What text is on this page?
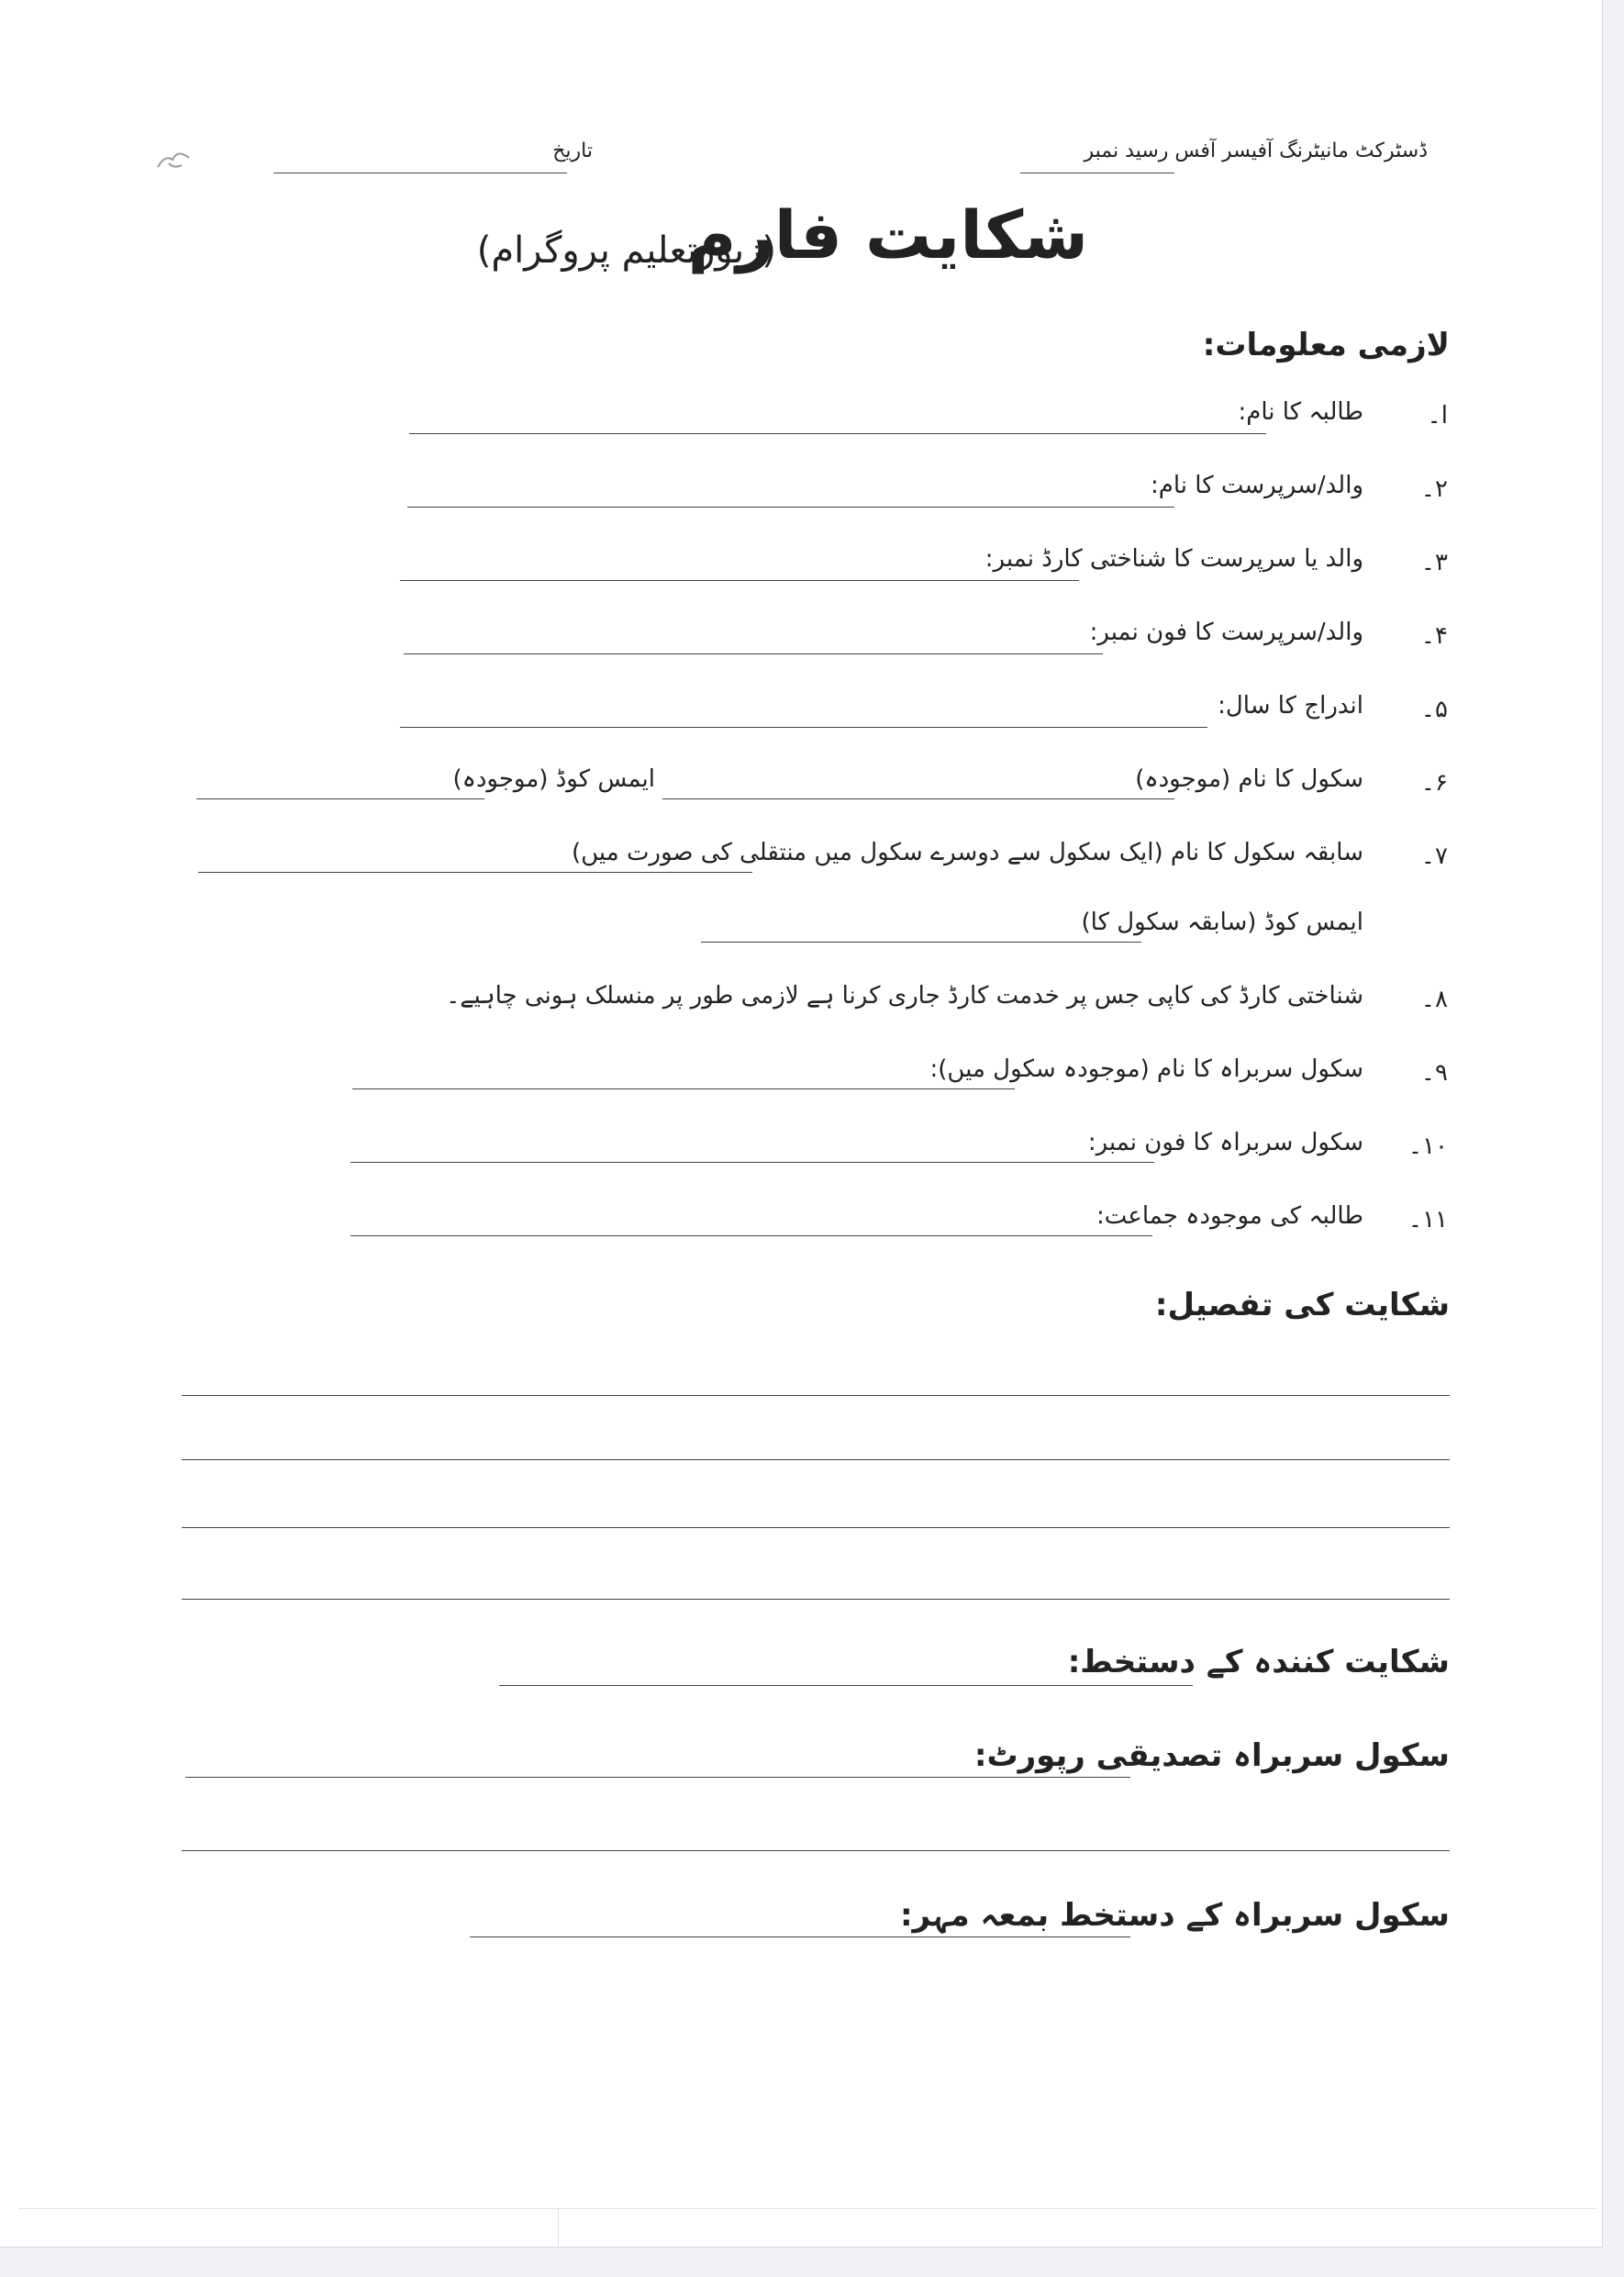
ڈسٹرکٹ مانیٹرنگ آفیسر آفس رسید نمبر
تاریخ
شکایت فارم
(زیورتعلیم پروگرام)
لازمی معلومات:
ا۔
طالبہ کا نام:
۲۔
والد/سرپرست کا نام:
۳۔
والد یا سرپرست کا شناختی کارڈ نمبر:
۴۔
والد/سرپرست کا فون نمبر:
۵۔
اندراج کا سال:
۶۔
سکول کا نام (موجودہ)
ایمس کوڈ (موجودہ)
۷۔
سابقہ سکول کا نام (ایک سکول سے دوسرے سکول میں منتقلی کی صورت میں)
ایمس کوڈ (سابقہ سکول کا)
۸۔
شناختی کارڈ کی کاپی جس پر خدمت کارڈ جاری کرنا ہے لازمی طور پر منسلک ہونی چاہیے۔
۹۔
سکول سربراہ کا نام (موجودہ سکول میں):
۱۰۔
سکول سربراہ کا فون نمبر:
۱۱۔
طالبہ کی موجودہ جماعت:
شکایت کی تفصیل:
شکایت کنندہ کے دستخط:
سکول سربراہ تصدیقی رپورٹ:
سکول سربراہ کے دستخط بمعہ مہر:
